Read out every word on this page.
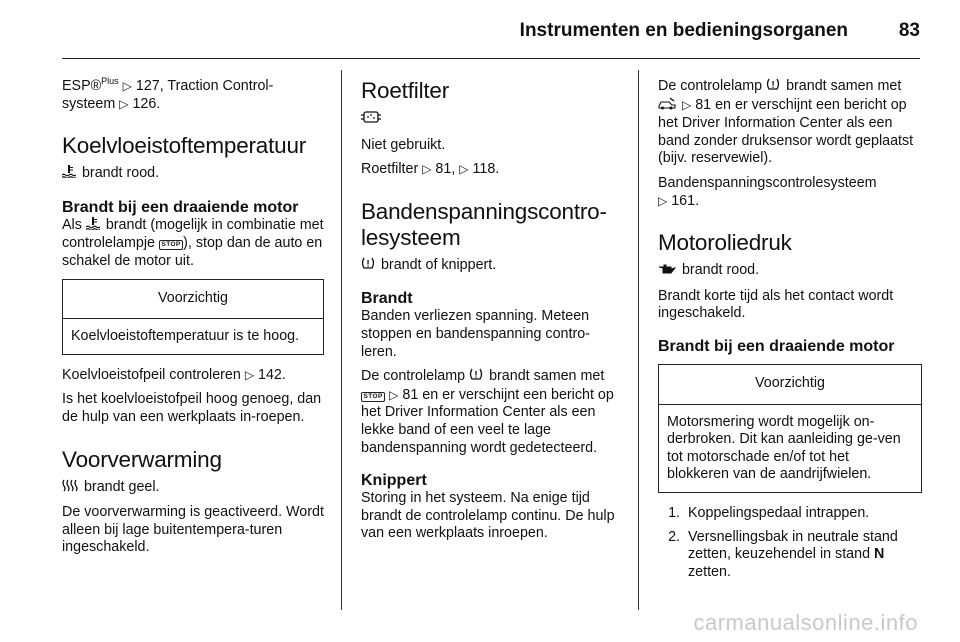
Instrumenten en bedieningsorganen	83

ESP®$^{Plus}$ ▷ 127, Traction Control-systeem ▷ 126.

Koelvloeistoftemperatuur

brandt rood.

Brandt bij een draaiende motor

Als brandt (mogelijk in combinatie met controlelampje STOP ), stop dan de auto en schakel de motor uit.

Voorzichtig
Koelvloeistoftemperatuur is te hoog.

Koelvloeistofpeil controleren ▷ 142.

Is het koelvloeistofpeil hoog genoeg, dan de hulp van een werkplaats in-roepen.

Voorverwarming

brandt geel.

De voorverwarming is geactiveerd. Wordt alleen bij lage buitentempera-turen ingeschakeld.

Roetfilter

Niet gebruikt.

Roetfilter ▷ 81, ▷ 118.

Bandenspanningscontro-lesysteem

brandt of knippert.

Brandt

Banden verliezen spanning. Meteen stoppen en bandenspanning contro-leren.

De controlelamp brandt samen met STOP ▷ 81 en er verschijnt een bericht op het Driver Information Center als een lekke band of een veel te lage bandenspanning wordt gedetecteerd.

Knippert

Storing in het systeem. Na enige tijd brandt de controlelamp continu. De hulp van een werkplaats inroepen.

De controlelamp brandt samen met  ▷ 81 en er verschijnt een bericht op het Driver Information Center als een band zonder druksensor wordt geplaatst (bijv. reservewiel).

Bandenspanningscontrolesysteem
▷ 161.

Motoroliedruk

brandt rood.

Brandt korte tijd als het contact wordt ingeschakeld.

Brandt bij een draaiende motor
Voorzichtig
Motorsmering wordt mogelijk on-derbroken. Dit kan aanleiding ge-ven tot motorschade en/of tot het blokkeren van de aandrijfwielen.
1. Koppelingspedaal intrappen.
2. Versnellingsbak in neutrale stand zetten, keuzehendel in stand N zetten.
carmanualsonline.info
